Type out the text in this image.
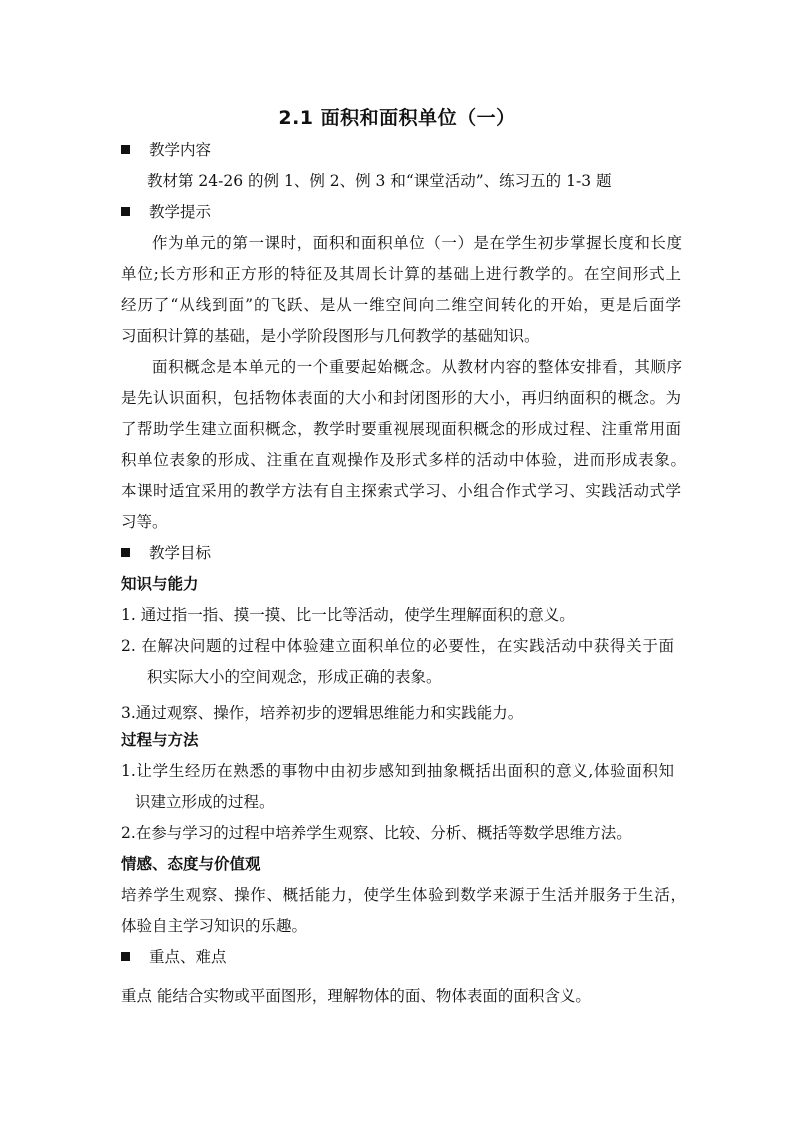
2.1 面积和面积单位（一）
教学内容
教材第 24-26 的例 1、例 2、例 3 和“课堂活动”、练习五的 1-3 题
教学提示
作为单元的第一课时，面积和面积单位（一）是在学生初步掌握长度和长度
单位;长方形和正方形的特征及其周长计算的基础上进行教学的。在空间形式上
经历了“从线到面”的飞跃、是从一维空间向二维空间转化的开始，更是后面学
习面积计算的基础，是小学阶段图形与几何教学的基础知识。
面积概念是本单元的一个重要起始概念。从教材内容的整体安排看，其顺序
是先认识面积，包括物体表面的大小和封闭图形的大小，再归纳面积的概念。为
了帮助学生建立面积概念，教学时要重视展现面积概念的形成过程、注重常用面
积单位表象的形成、注重在直观操作及形式多样的活动中体验，进而形成表象。
本课时适宜采用的教学方法有自主探索式学习、小组合作式学习、实践活动式学
习等。
教学目标
知识与能力
1. 通过指一指、摸一摸、比一比等活动，使学生理解面积的意义。
2. 在解决问题的过程中体验建立面积单位的必要性，在实践活动中获得关于面
积实际大小的空间观念，形成正确的表象。
3.通过观察、操作，培养初步的逻辑思维能力和实践能力。
过程与方法
1.让学生经历在熟悉的事物中由初步感知到抽象概括出面积的意义,体验面积知
识建立形成的过程。
2.在参与学习的过程中培养学生观察、比较、分析、概括等数学思维方法。
情感、态度与价值观
培养学生观察、操作、概括能力，使学生体验到数学来源于生活并服务于生活，
体验自主学习知识的乐趣。
重点、难点
重点 能结合实物或平面图形，理解物体的面、物体表面的面积含义。
